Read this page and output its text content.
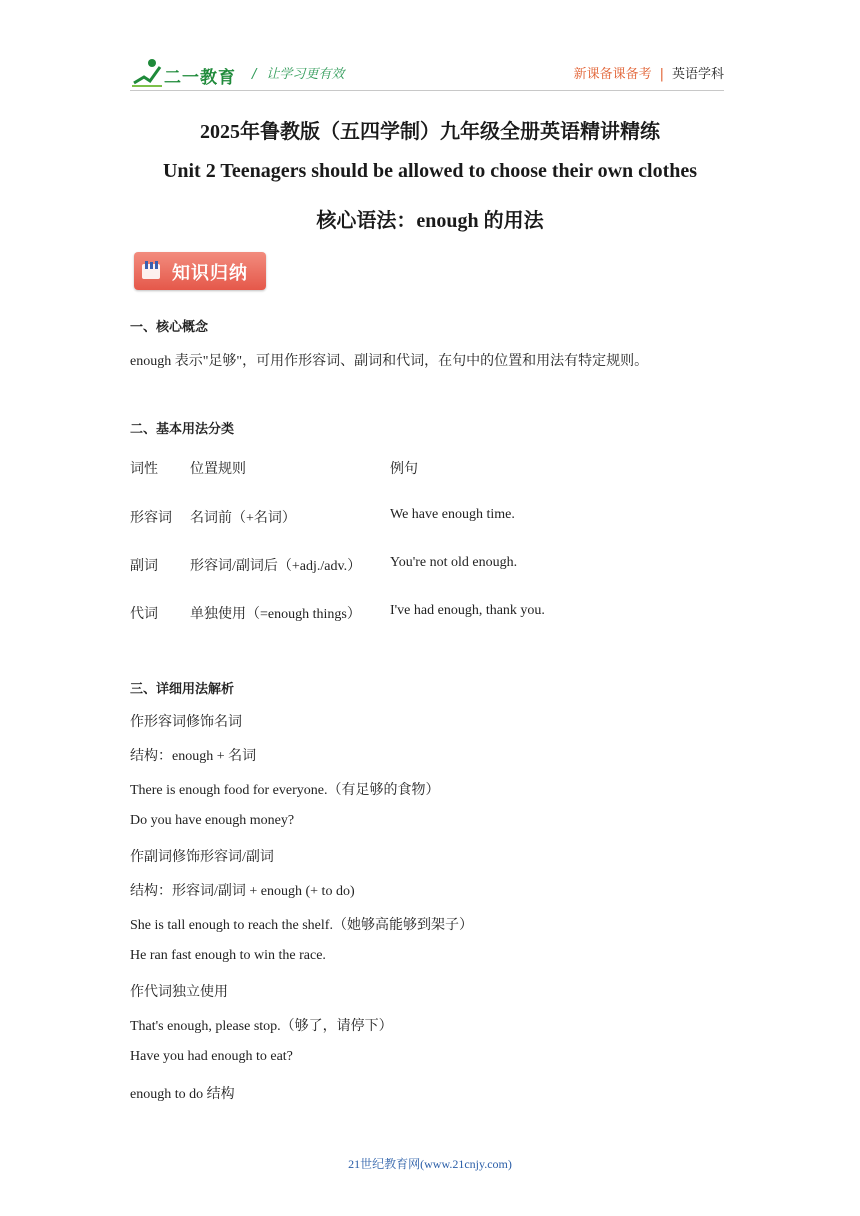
二一教育 / 让学习更有效	新课备课备考 | 英语学科
2025年鲁教版（五四学制）九年级全册英语精讲精练
Unit 2 Teenagers should be allowed to choose their own clothes
核心语法：enough 的用法
知识归纳
一、核心概念
enough 表示"足够"，可用作形容词、副词和代词，在句中的位置和用法有特定规则。
二、基本用法分类
词性 位置规则	例句
形容词 名词前（+名词）	We have enough time.
副词 形容词/副词后（+adj./adv.） You're not old enough.
代词 单独使用（=enough things） I've had enough, thank you.
三、详细用法解析
作形容词修饰名词
结构：enough + 名词
There is enough food for everyone.（有足够的食物）
Do you have enough money?
作副词修饰形容词/副词
结构：形容词/副词 + enough (+ to do)
She is tall enough to reach the shelf.（她够高能够到架子）
He ran fast enough to win the race.
作代词独立使用
That's enough, please stop.（够了，请停下）
Have you had enough to eat?
enough to do 结构
21世纪教育网(www.21cnjy.com)
